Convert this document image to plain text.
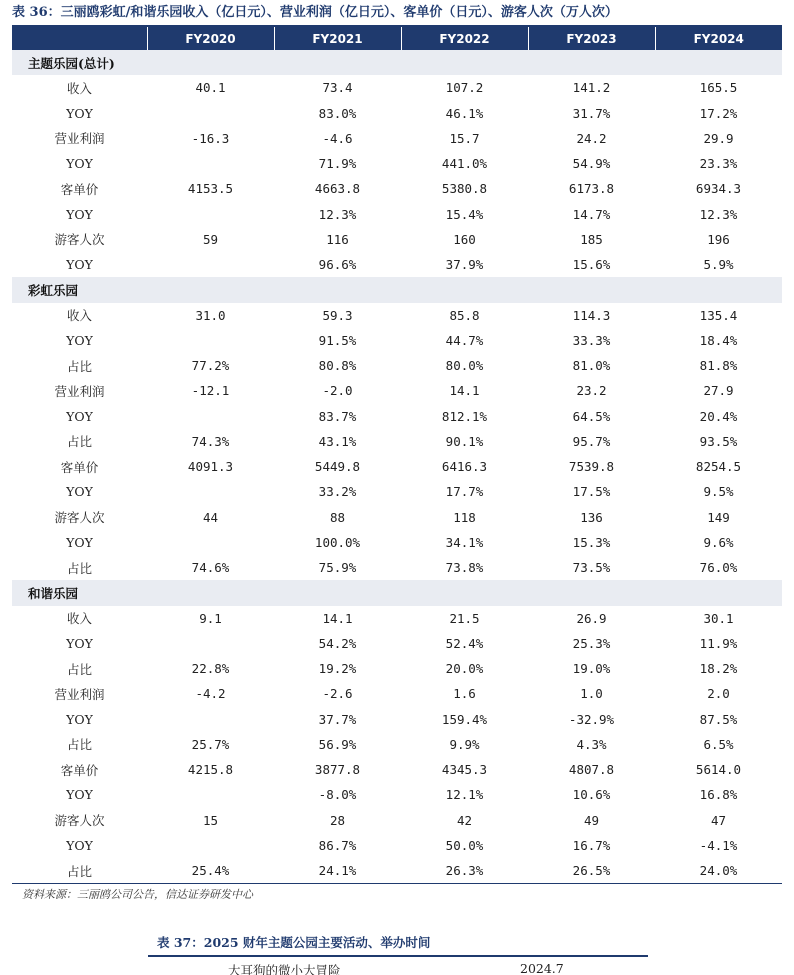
表 36：三丽鸥彩虹/和谐乐园收入（亿日元）、营业利润（亿日元）、客单价（日元）、游客人次（万人次）
	FY2020	FY2021	FY2022	FY2023	FY2024
主题乐园(总计)					
收入	40.1	73.4	107.2	141.2	165.5
YOY		83.0%	46.1%	31.7%	17.2%
营业利润	-16.3	-4.6	15.7	24.2	29.9
YOY		71.9%	441.0%	54.9%	23.3%
客单价	4153.5	4663.8	5380.8	6173.8	6934.3
YOY		12.3%	15.4%	14.7%	12.3%
游客人次	59	116	160	185	196
YOY		96.6%	37.9%	15.6%	5.9%
彩虹乐园					
收入	31.0	59.3	85.8	114.3	135.4
YOY		91.5%	44.7%	33.3%	18.4%
占比	77.2%	80.8%	80.0%	81.0%	81.8%
营业利润	-12.1	-2.0	14.1	23.2	27.9
YOY		83.7%	812.1%	64.5%	20.4%
占比	74.3%	43.1%	90.1%	95.7%	93.5%
客单价	4091.3	5449.8	6416.3	7539.8	8254.5
YOY		33.2%	17.7%	17.5%	9.5%
游客人次	44	88	118	136	149
YOY		100.0%	34.1%	15.3%	9.6%
占比	74.6%	75.9%	73.8%	73.5%	76.0%
和谐乐园					
收入	9.1	14.1	21.5	26.9	30.1
YOY		54.2%	52.4%	25.3%	11.9%
占比	22.8%	19.2%	20.0%	19.0%	18.2%
营业利润	-4.2	-2.6	1.6	1.0	2.0
YOY		37.7%	159.4%	-32.9%	87.5%
占比	25.7%	56.9%	9.9%	4.3%	6.5%
客单价	4215.8	3877.8	4345.3	4807.8	5614.0
YOY		-8.0%	12.1%	10.6%	16.8%
游客人次	15	28	42	49	47
YOY		86.7%	50.0%	16.7%	-4.1%
占比	25.4%	24.1%	26.3%	26.5%	24.0%
资料来源：三丽鸥公司公告，信达证券研发中心
表 37：2025 财年主题公园主要活动、举办时间
大耳狗的微小大冒险	2024.7
